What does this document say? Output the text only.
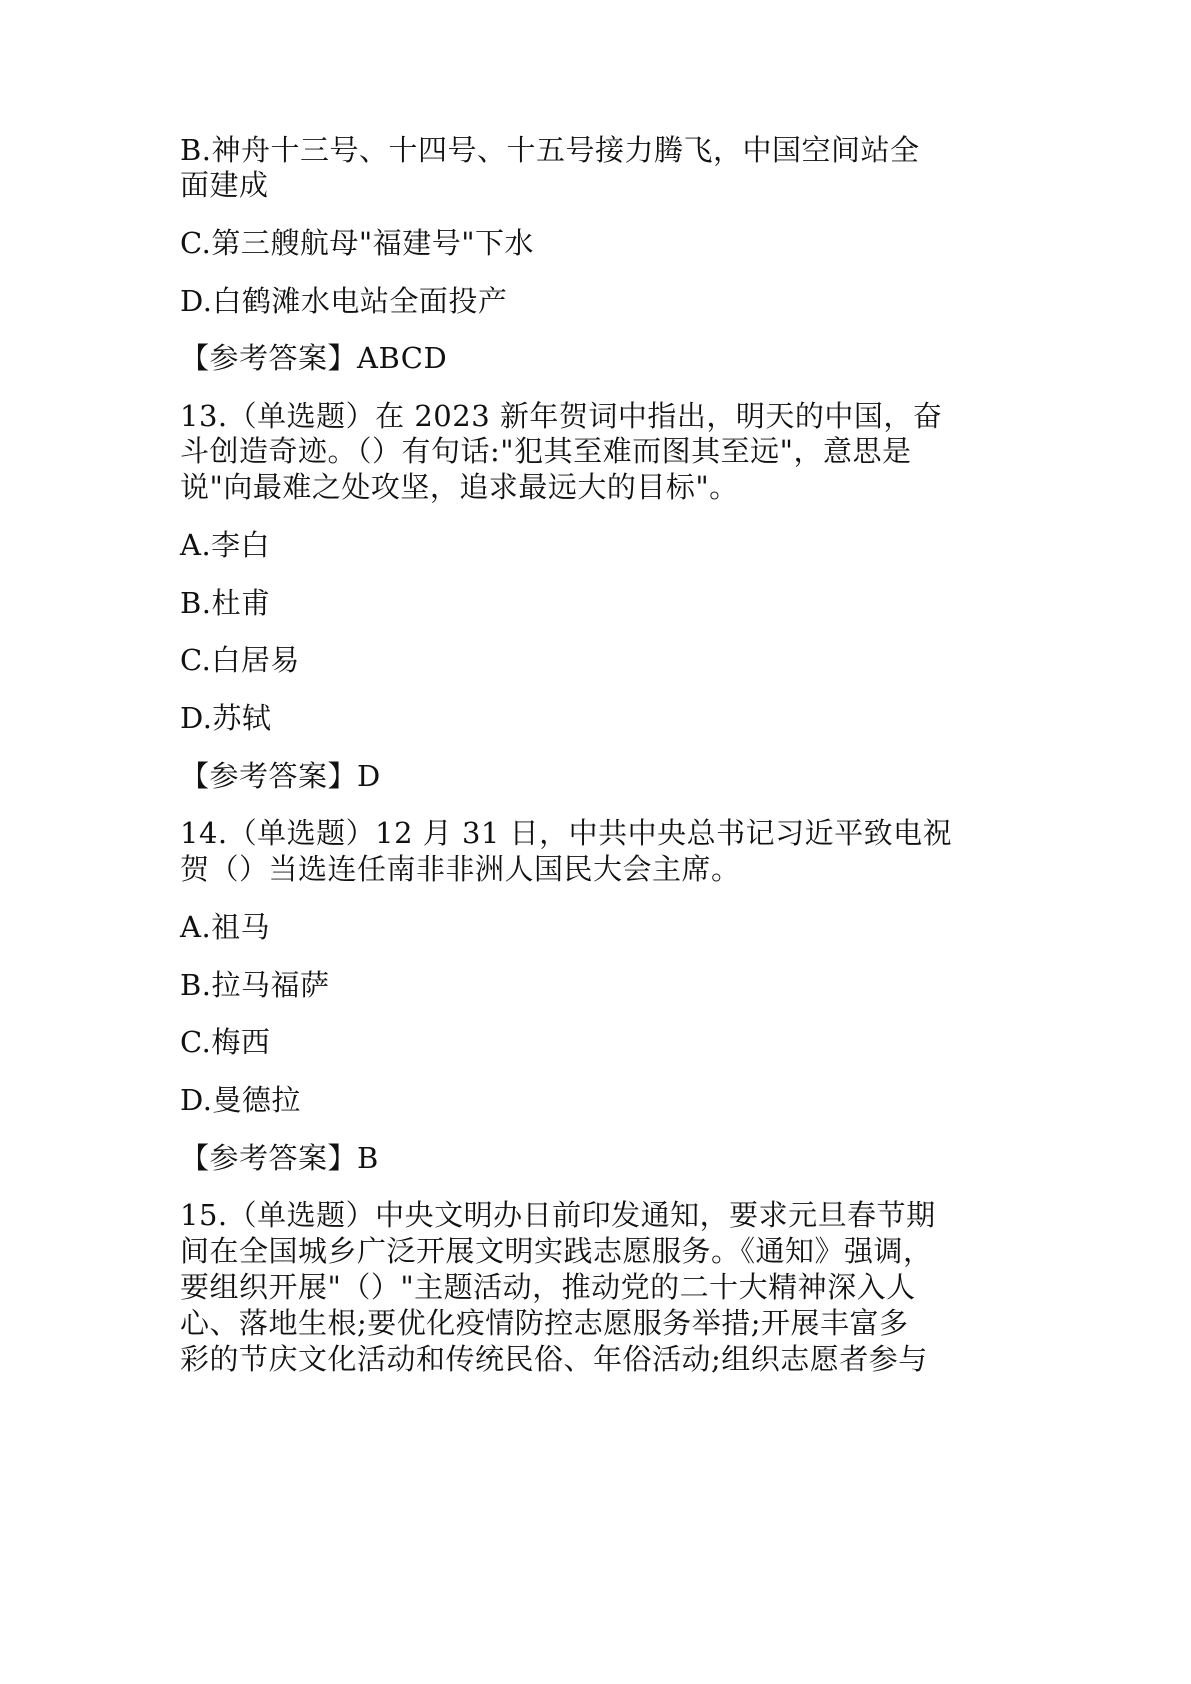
B.神舟十三号、十四号、十五号接力腾飞，中国空间站全

面建成

C.第三艘航母"福建号"下水

D.白鹤滩水电站全面投产

【参考答案】ABCD

13.（单选题）在 2023 新年贺词中指出，明天的中国，奋

斗创造奇迹。（）有句话:"犯其至难而图其至远"，意思是

说"向最难之处攻坚，追求最远大的目标"。

A.李白

B.杜甫

C.白居易

D.苏轼

【参考答案】D

14.（单选题）12 月 31 日，中共中央总书记习近平致电祝

贺（）当选连任南非非洲人国民大会主席。

A.祖马

B.拉马福萨

C.梅西

D.曼德拉

【参考答案】B

15.（单选题）中央文明办日前印发通知，要求元旦春节期

间在全国城乡广泛开展文明实践志愿服务。《通知》强调，

要组织开展"（）"主题活动，推动党的二十大精神深入人

心、落地生根;要优化疫情防控志愿服务举措;开展丰富多

彩的节庆文化活动和传统民俗、年俗活动;组织志愿者参与
